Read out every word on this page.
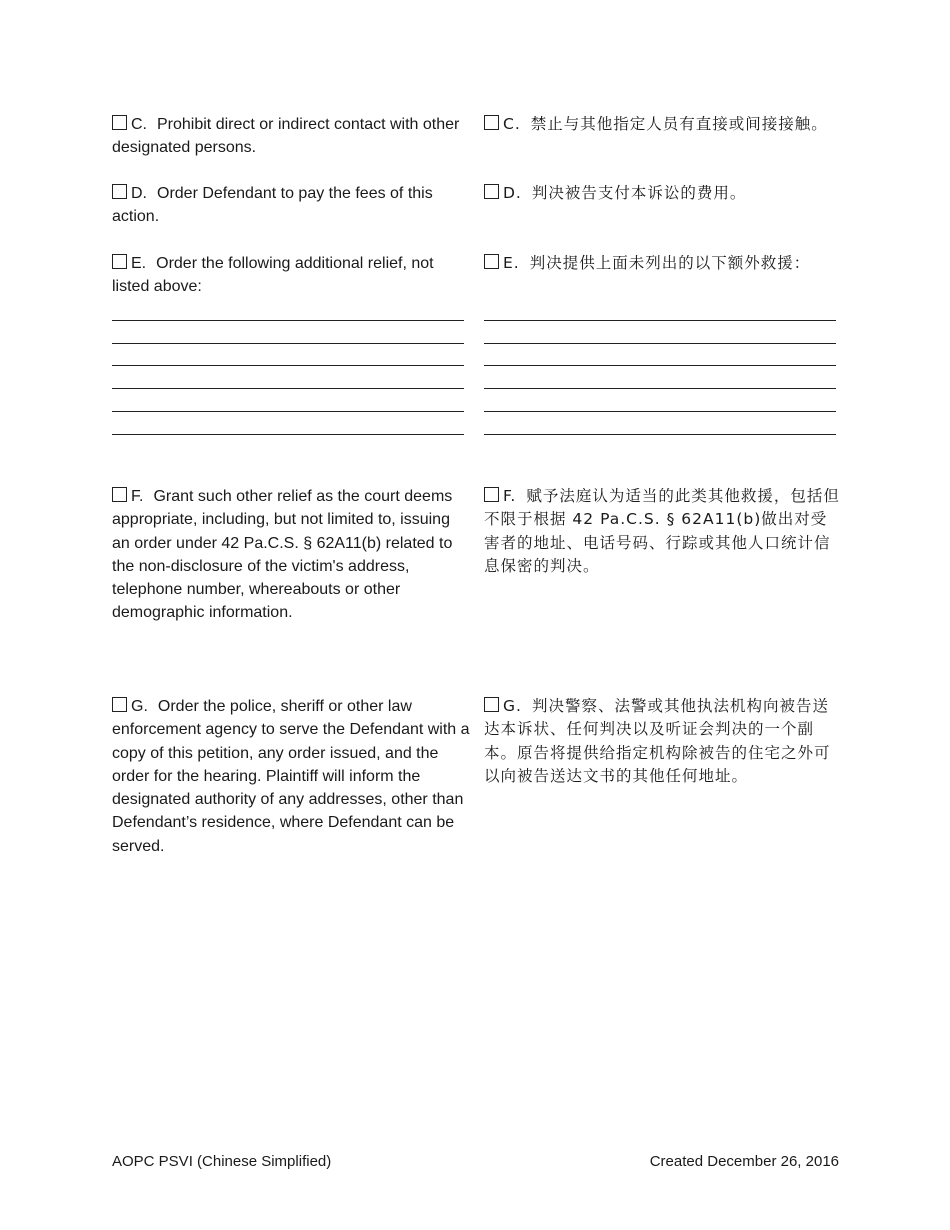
C. Prohibit direct or indirect contact with other designated persons.
D. Order Defendant to pay the fees of this action.
E. Order the following additional relief, not listed above:
F. Grant such other relief as the court deems appropriate, including, but not limited to, issuing an order under 42 Pa.C.S. § 62A11(b) related to the non-disclosure of the victim's address, telephone number, whereabouts or other demographic information.
G. Order the police, sheriff or other law enforcement agency to serve the Defendant with a copy of this petition, any order issued, and the order for the hearing. Plaintiff will inform the designated authority of any addresses, other than Defendant’s residence, where Defendant can be served.
C. 禁止与其他指定人员有直接或间接接触。
D. 判决被告支付本诉讼的费用。
E. 判决提供上面未列出的以下额外救援：
F. 赋予法庭认为适当的此类其他救援，包括但不限于根据 42 Pa.C.S. § 62A11(b)做出对受害者的地址、电话号码、行踪或其他人口统计信息保密的判决。
G. 判决警察、法警或其他执法机构向被告送达本诉状、任何判决以及听证会判决的一个副本。原告将提供给指定机构除被告的住宅之外可以向被告送达文书的其他任何地址。
AOPC PSVI (Chinese Simplified)	Created December 26, 2016
